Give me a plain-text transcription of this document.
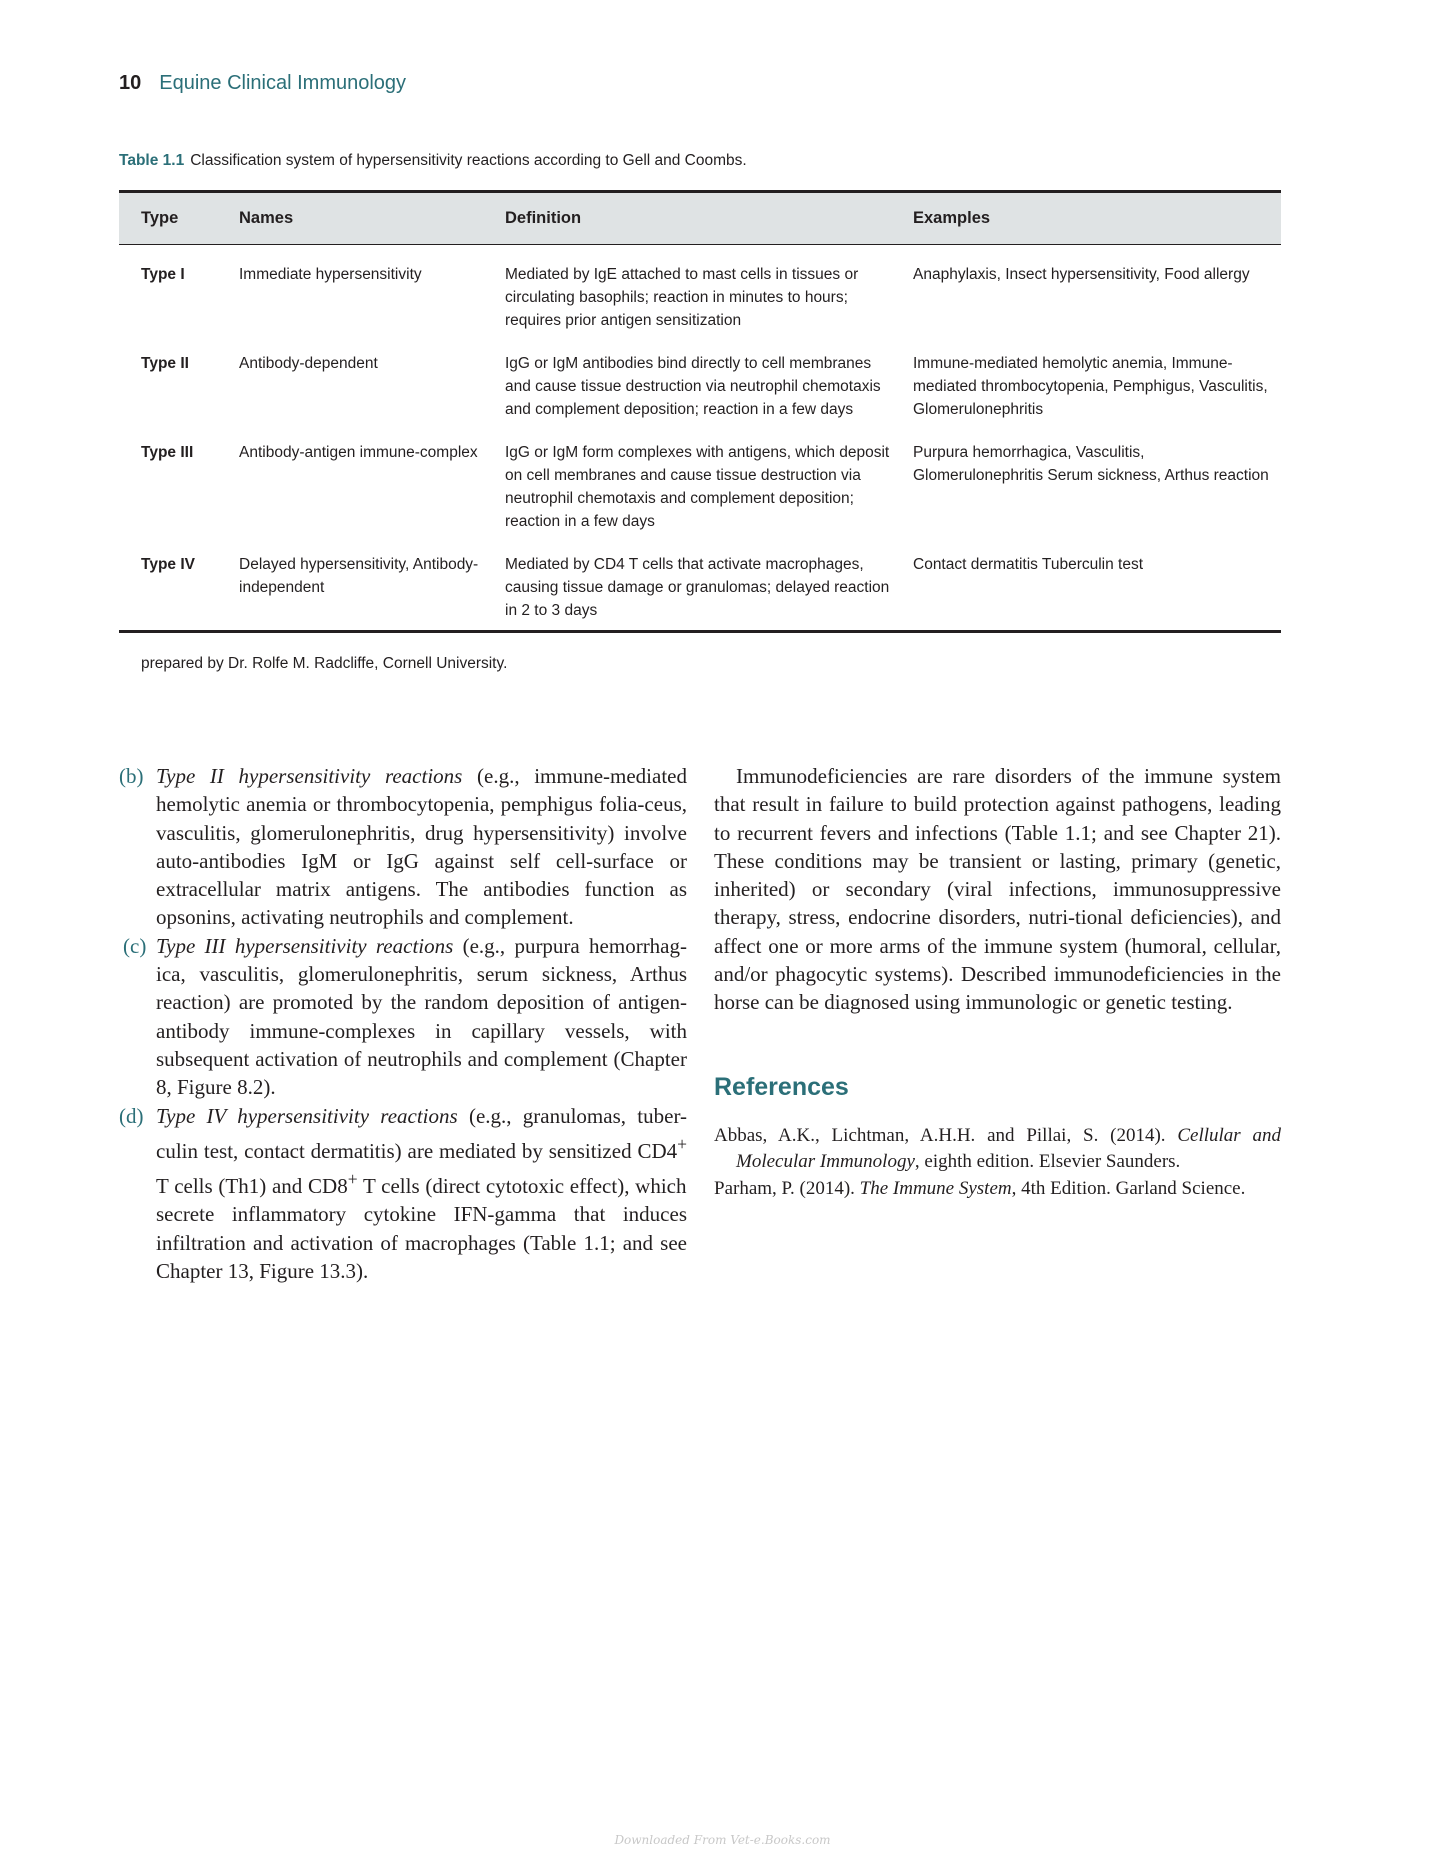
10 Equine Clinical Immunology
Table 1.1 Classification system of hypersensitivity reactions according to Gell and Coombs.
Type	Names	Definition	Examples
Type I	Immediate hypersensitivity	Mediated by IgE attached to mast cells in tissues or circulating basophils; reaction in minutes to hours; requires prior antigen sensitization	Anaphylaxis, Insect hypersensitivity, Food allergy
Type II	Antibody-dependent	IgG or IgM antibodies bind directly to cell membranes and cause tissue destruction via neutrophil chemotaxis and complement deposition; reaction in a few days	Immune-mediated hemolytic anemia, Immune-mediated thrombocytopenia, Pemphigus, Vasculitis, Glomerulonephritis
Type III	Antibody-antigen immune-complex	IgG or IgM form complexes with antigens, which deposit on cell membranes and cause tissue destruction via neutrophil chemotaxis and complement deposition; reaction in a few days	Purpura hemorrhagica, Vasculitis, Glomerulonephritis Serum sickness, Arthus reaction
Type IV	Delayed hypersensitivity, Antibody-independent	Mediated by CD4 T cells that activate macrophages, causing tissue damage or granulomas; delayed reaction in 2 to 3 days	Contact dermatitis Tuberculin test
prepared by Dr. Rolfe M. Radcliffe, Cornell University.
(b) Type II hypersensitivity reactions (e.g., immune-mediated hemolytic anemia or thrombocytopenia, pemphigus folia-ceus, vasculitis, glomerulonephritis, drug hypersensitivity) involve auto-antibodies IgM or IgG against self cell-surface or extracellular matrix antigens. The antibodies function as opsonins, activating neutrophils and complement.
(c) Type III hypersensitivity reactions (e.g., purpura hemorrhag-ica, vasculitis, glomerulonephritis, serum sickness, Arthus reaction) are promoted by the random deposition of antigen-antibody immune-complexes in capillary vessels, with subsequent activation of neutrophils and complement (Chapter 8, Figure 8.2).
(d) Type IV hypersensitivity reactions (e.g., granulomas, tuber-culin test, contact dermatitis) are mediated by sensitized CD4+ T cells (Th1) and CD8+ T cells (direct cytotoxic effect), which secrete inflammatory cytokine IFN-gamma that induces infiltration and activation of macrophages (Table 1.1; and see Chapter 13, Figure 13.3).

Immunodeficiencies are rare disorders of the immune system that result in failure to build protection against pathogens, leading to recurrent fevers and infections (Table 1.1; and see Chapter 21). These conditions may be transient or lasting, primary (genetic, inherited) or secondary (viral infections, immunosuppressive therapy, stress, endocrine disorders, nutri-tional deficiencies), and affect one or more arms of the immune system (humoral, cellular, and/or phagocytic systems). Described immunodeficiencies in the horse can be diagnosed using immunologic or genetic testing.

References

Abbas, A.K., Lichtman, A.H.H. and Pillai, S. (2014). Cellular and Molecular Immunology, eighth edition. Elsevier Saunders.

Parham, P. (2014). The Immune System, 4th Edition. Garland Science.

Downloaded From Vet-e.Books.com
